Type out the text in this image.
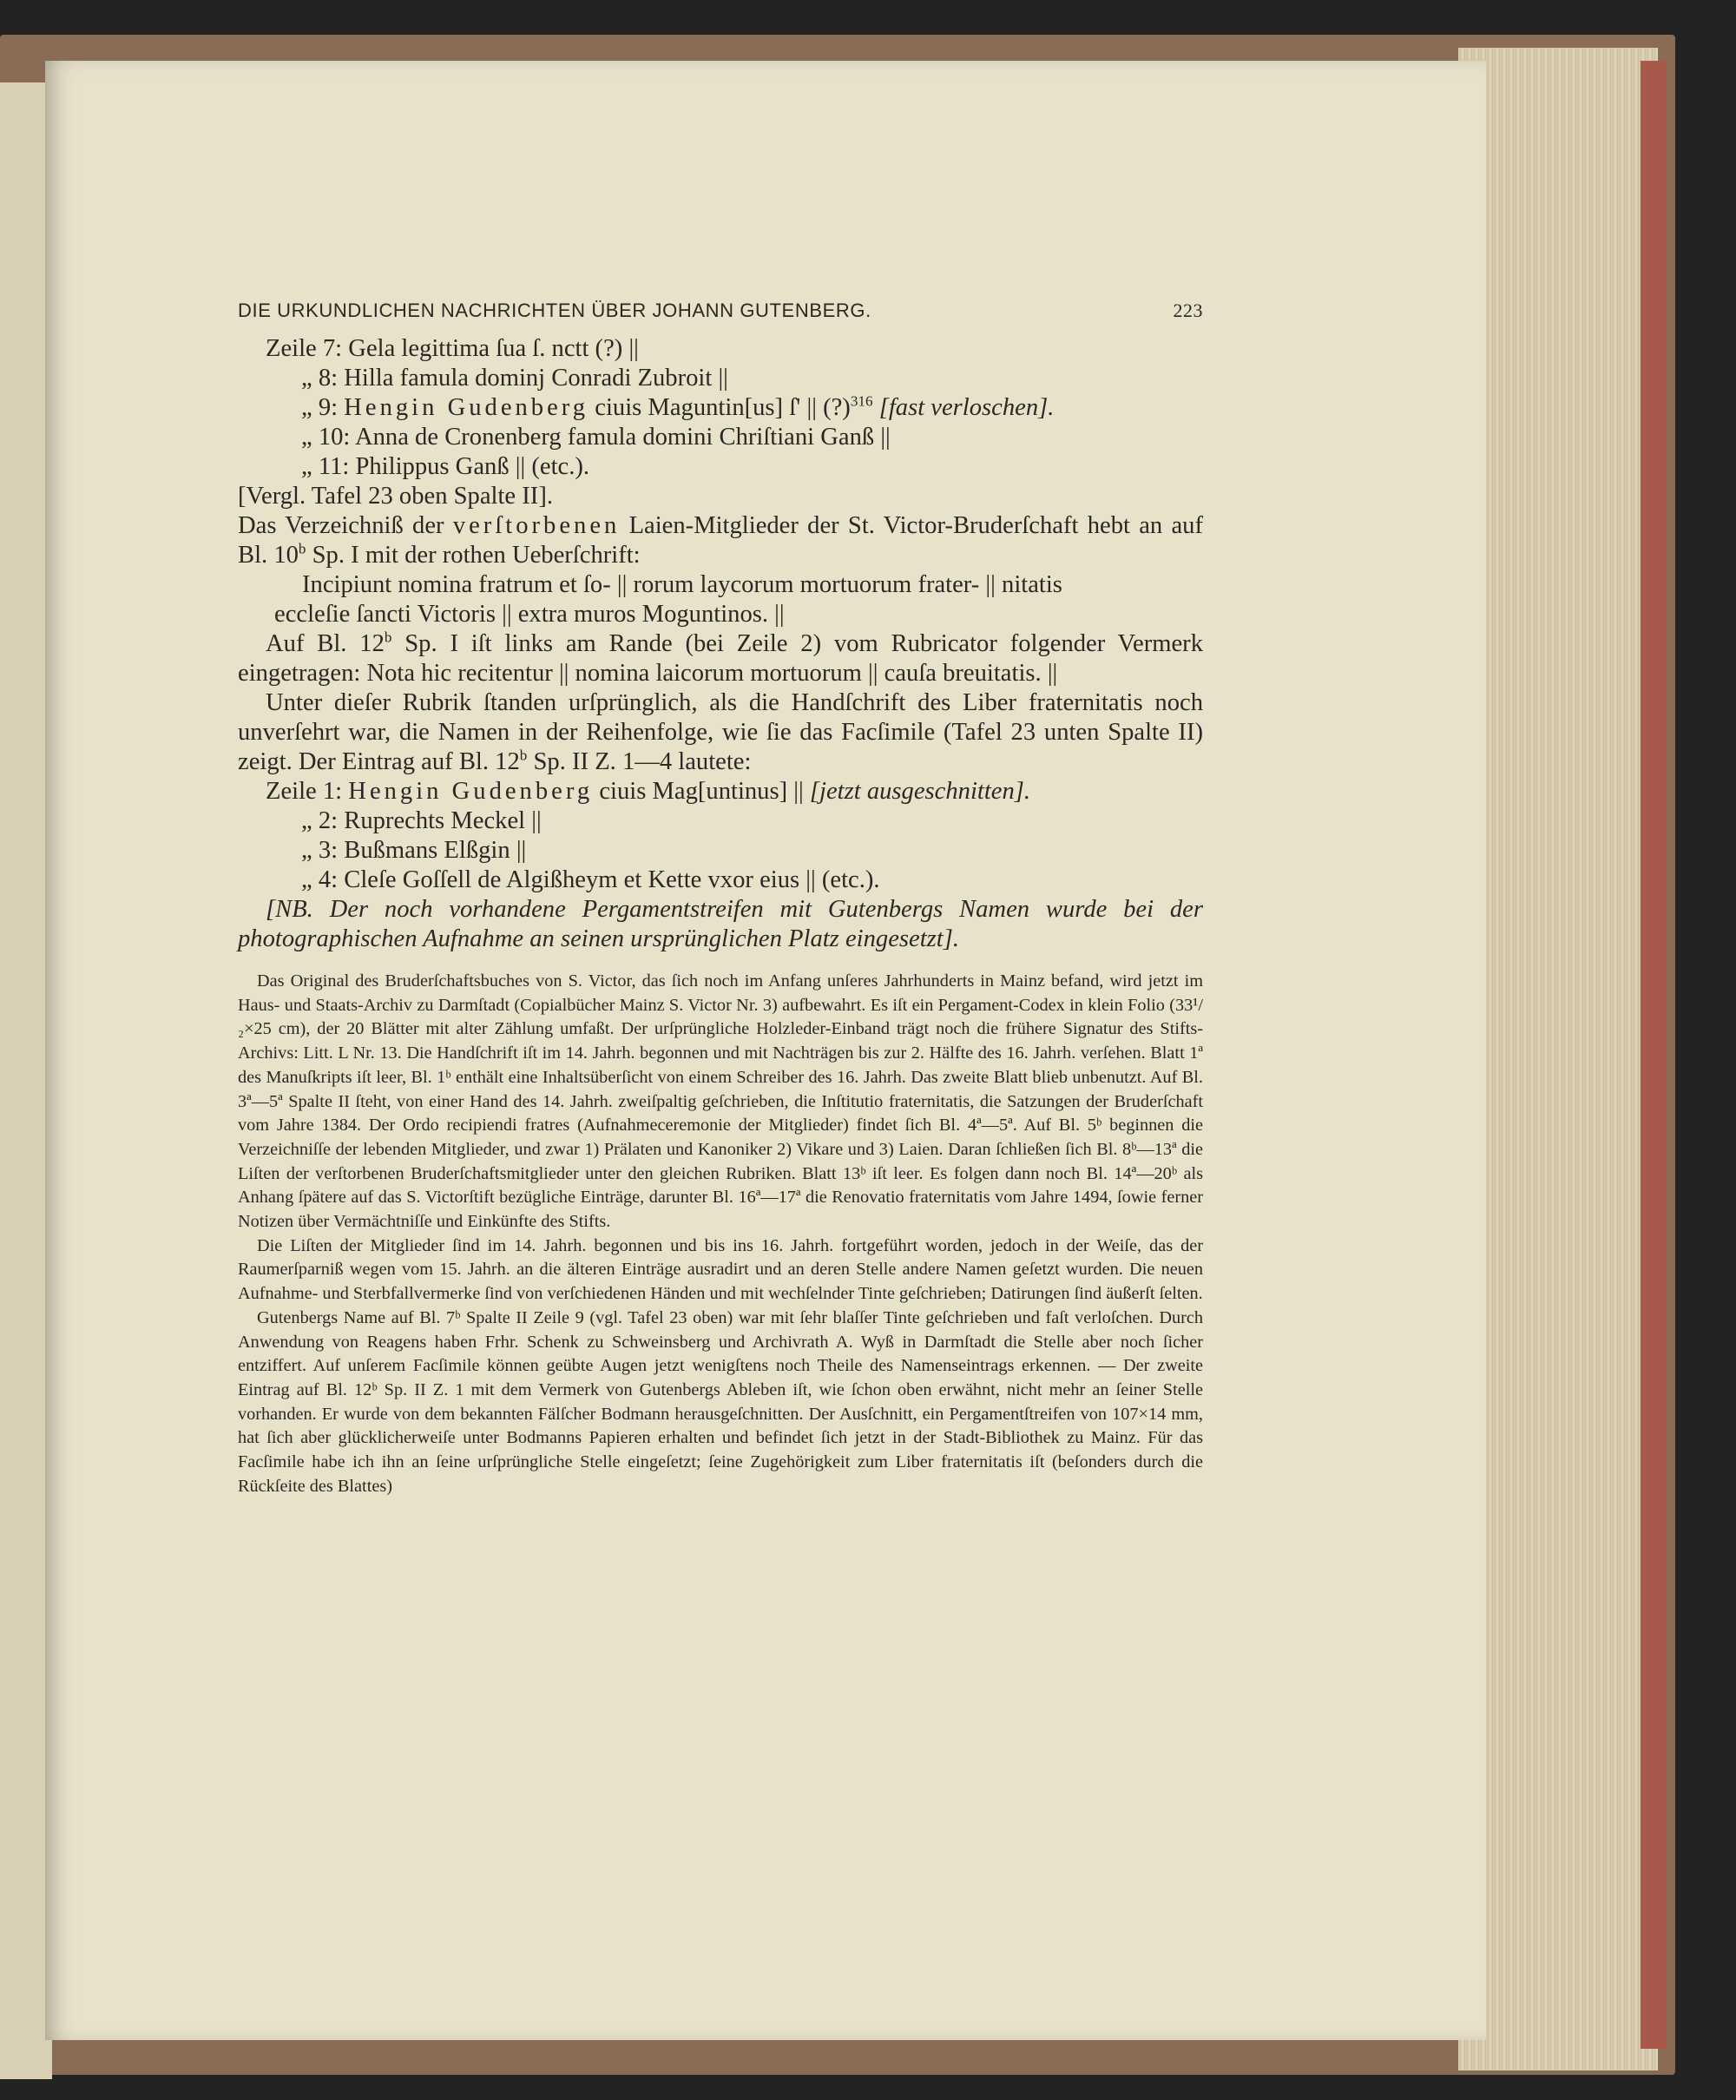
DIE URKUNDLICHEN NACHRICHTEN ÜBER JOHANN GUTENBERG.	223

Zeile 7: Gela legittima ſua ſ. nctt (?) ||

„ 8: Hilla famula dominj Conradi Zubroit ||

„ 9: Hengin Gudenberg ciuis Maguntin[us] ſ' || (?)$^{316}$ [fast verloschen].

„ 10: Anna de Cronenberg famula domini Chriſtiani Ganß ||

„ 11: Philippus Ganß || (etc.).

[Vergl. Tafel 23 oben Spalte II].

Das Verzeichniß der verſtorbenen Laien-Mitglieder der St. Victor-Bruderſchaft hebt an auf Bl. 10$^b$ Sp. I mit der rothen Ueberſchrift:

Incipiunt nomina fratrum et ſo- || rorum laycorum mortuorum frater- || nitatis

eccleſie ſancti Victoris || extra muros Moguntinos. ||

Auf Bl. 12$^b$ Sp. I iſt links am Rande (bei Zeile 2) vom Rubricator folgender Vermerk eingetragen: Nota hic recitentur || nomina laicorum mortuorum || cauſa breuitatis. ||

Unter dieſer Rubrik ſtanden urſprünglich, als die Handſchrift des Liber fraternitatis noch unverſehrt war, die Namen in der Reihenfolge, wie ſie das Facſimile (Tafel 23 unten Spalte II) zeigt. Der Eintrag auf Bl. 12$^b$ Sp. II Z. 1—4 lautete:

Zeile 1: Hengin Gudenberg ciuis Mag[untinus] || [jetzt ausgeschnitten].

„ 2: Ruprechts Meckel ||

„ 3: Bußmans Elßgin ||

„ 4: Cleſe Goſſell de Algißheym et Kette vxor eius || (etc.).

[NB. Der noch vorhandene Pergamentstreifen mit Gutenbergs Namen wurde bei der photographischen Aufnahme an seinen ursprünglichen Platz eingesetzt].

Das Original des Bruderſchaftsbuches von S. Victor, das ſich noch im Anfang unſeres Jahrhunderts in Mainz befand, wird jetzt im Haus- und Staats-Archiv zu Darmſtadt (Copialbücher Mainz S. Victor Nr. 3) aufbewahrt. Es iſt ein Pergament-Codex in klein Folio (33¹/₂×25 cm), der 20 Blätter mit alter Zählung umfaßt. Der urſprüngliche Holzleder-Einband trägt noch die frühere Signatur des Stifts-Archivs: Litt. L Nr. 13. Die Handſchrift iſt im 14. Jahrh. begonnen und mit Nachträgen bis zur 2. Hälfte des 16. Jahrh. verſehen. Blatt 1ª des Manuſkripts iſt leer, Bl. 1ᵇ enthält eine Inhaltsüberſicht von einem Schreiber des 16. Jahrh. Das zweite Blatt blieb unbenutzt. Auf Bl. 3ª—5ª Spalte II ſteht, von einer Hand des 14. Jahrh. zweiſpaltig geſchrieben, die Inſtitutio fraternitatis, die Satzungen der Bruderſchaft vom Jahre 1384. Der Ordo recipiendi fratres (Aufnahmeceremonie der Mitglieder) findet ſich Bl. 4ª—5ª. Auf Bl. 5ᵇ beginnen die Verzeichniſſe der lebenden Mitglieder, und zwar 1) Prälaten und Kanoniker 2) Vikare und 3) Laien. Daran ſchließen ſich Bl. 8ᵇ—13ª die Liſten der verſtorbenen Bruderſchaftsmitglieder unter den gleichen Rubriken. Blatt 13ᵇ iſt leer. Es folgen dann noch Bl. 14ª—20ᵇ als Anhang ſpätere auf das S. Victorſtift bezügliche Einträge, darunter Bl. 16ª—17ª die Renovatio fraternitatis vom Jahre 1494, ſowie ferner Notizen über Vermächtniſſe und Einkünfte des Stifts.

Die Liſten der Mitglieder ſind im 14. Jahrh. begonnen und bis ins 16. Jahrh. fortgeführt worden, jedoch in der Weiſe, das der Raumerſparniß wegen vom 15. Jahrh. an die älteren Einträge ausradirt und an deren Stelle andere Namen geſetzt wurden. Die neuen Aufnahme- und Sterbfallvermerke ſind von verſchiedenen Händen und mit wechſelnder Tinte geſchrieben; Datirungen ſind äußerſt ſelten.

Gutenbergs Name auf Bl. 7ᵇ Spalte II Zeile 9 (vgl. Tafel 23 oben) war mit ſehr blaſſer Tinte geſchrieben und faſt verloſchen. Durch Anwendung von Reagens haben Frhr. Schenk zu Schweinsberg und Archivrath A. Wyß in Darmſtadt die Stelle aber noch ſicher entziffert. Auf unſerem Facſimile können geübte Augen jetzt wenigſtens noch Theile des Namenseintrags erkennen. — Der zweite Eintrag auf Bl. 12ᵇ Sp. II Z. 1 mit dem Vermerk von Gutenbergs Ableben iſt, wie ſchon oben erwähnt, nicht mehr an ſeiner Stelle vorhanden. Er wurde von dem bekannten Fälſcher Bodmann herausgeſchnitten. Der Ausſchnitt, ein Pergamentſtreifen von 107×14 mm, hat ſich aber glücklicherweiſe unter Bodmanns Papieren erhalten und befindet ſich jetzt in der Stadt-Bibliothek zu Mainz. Für das Facſimile habe ich ihn an ſeine urſprüngliche Stelle eingeſetzt; ſeine Zugehörigkeit zum Liber fraternitatis iſt (beſonders durch die Rückſeite des Blattes)
